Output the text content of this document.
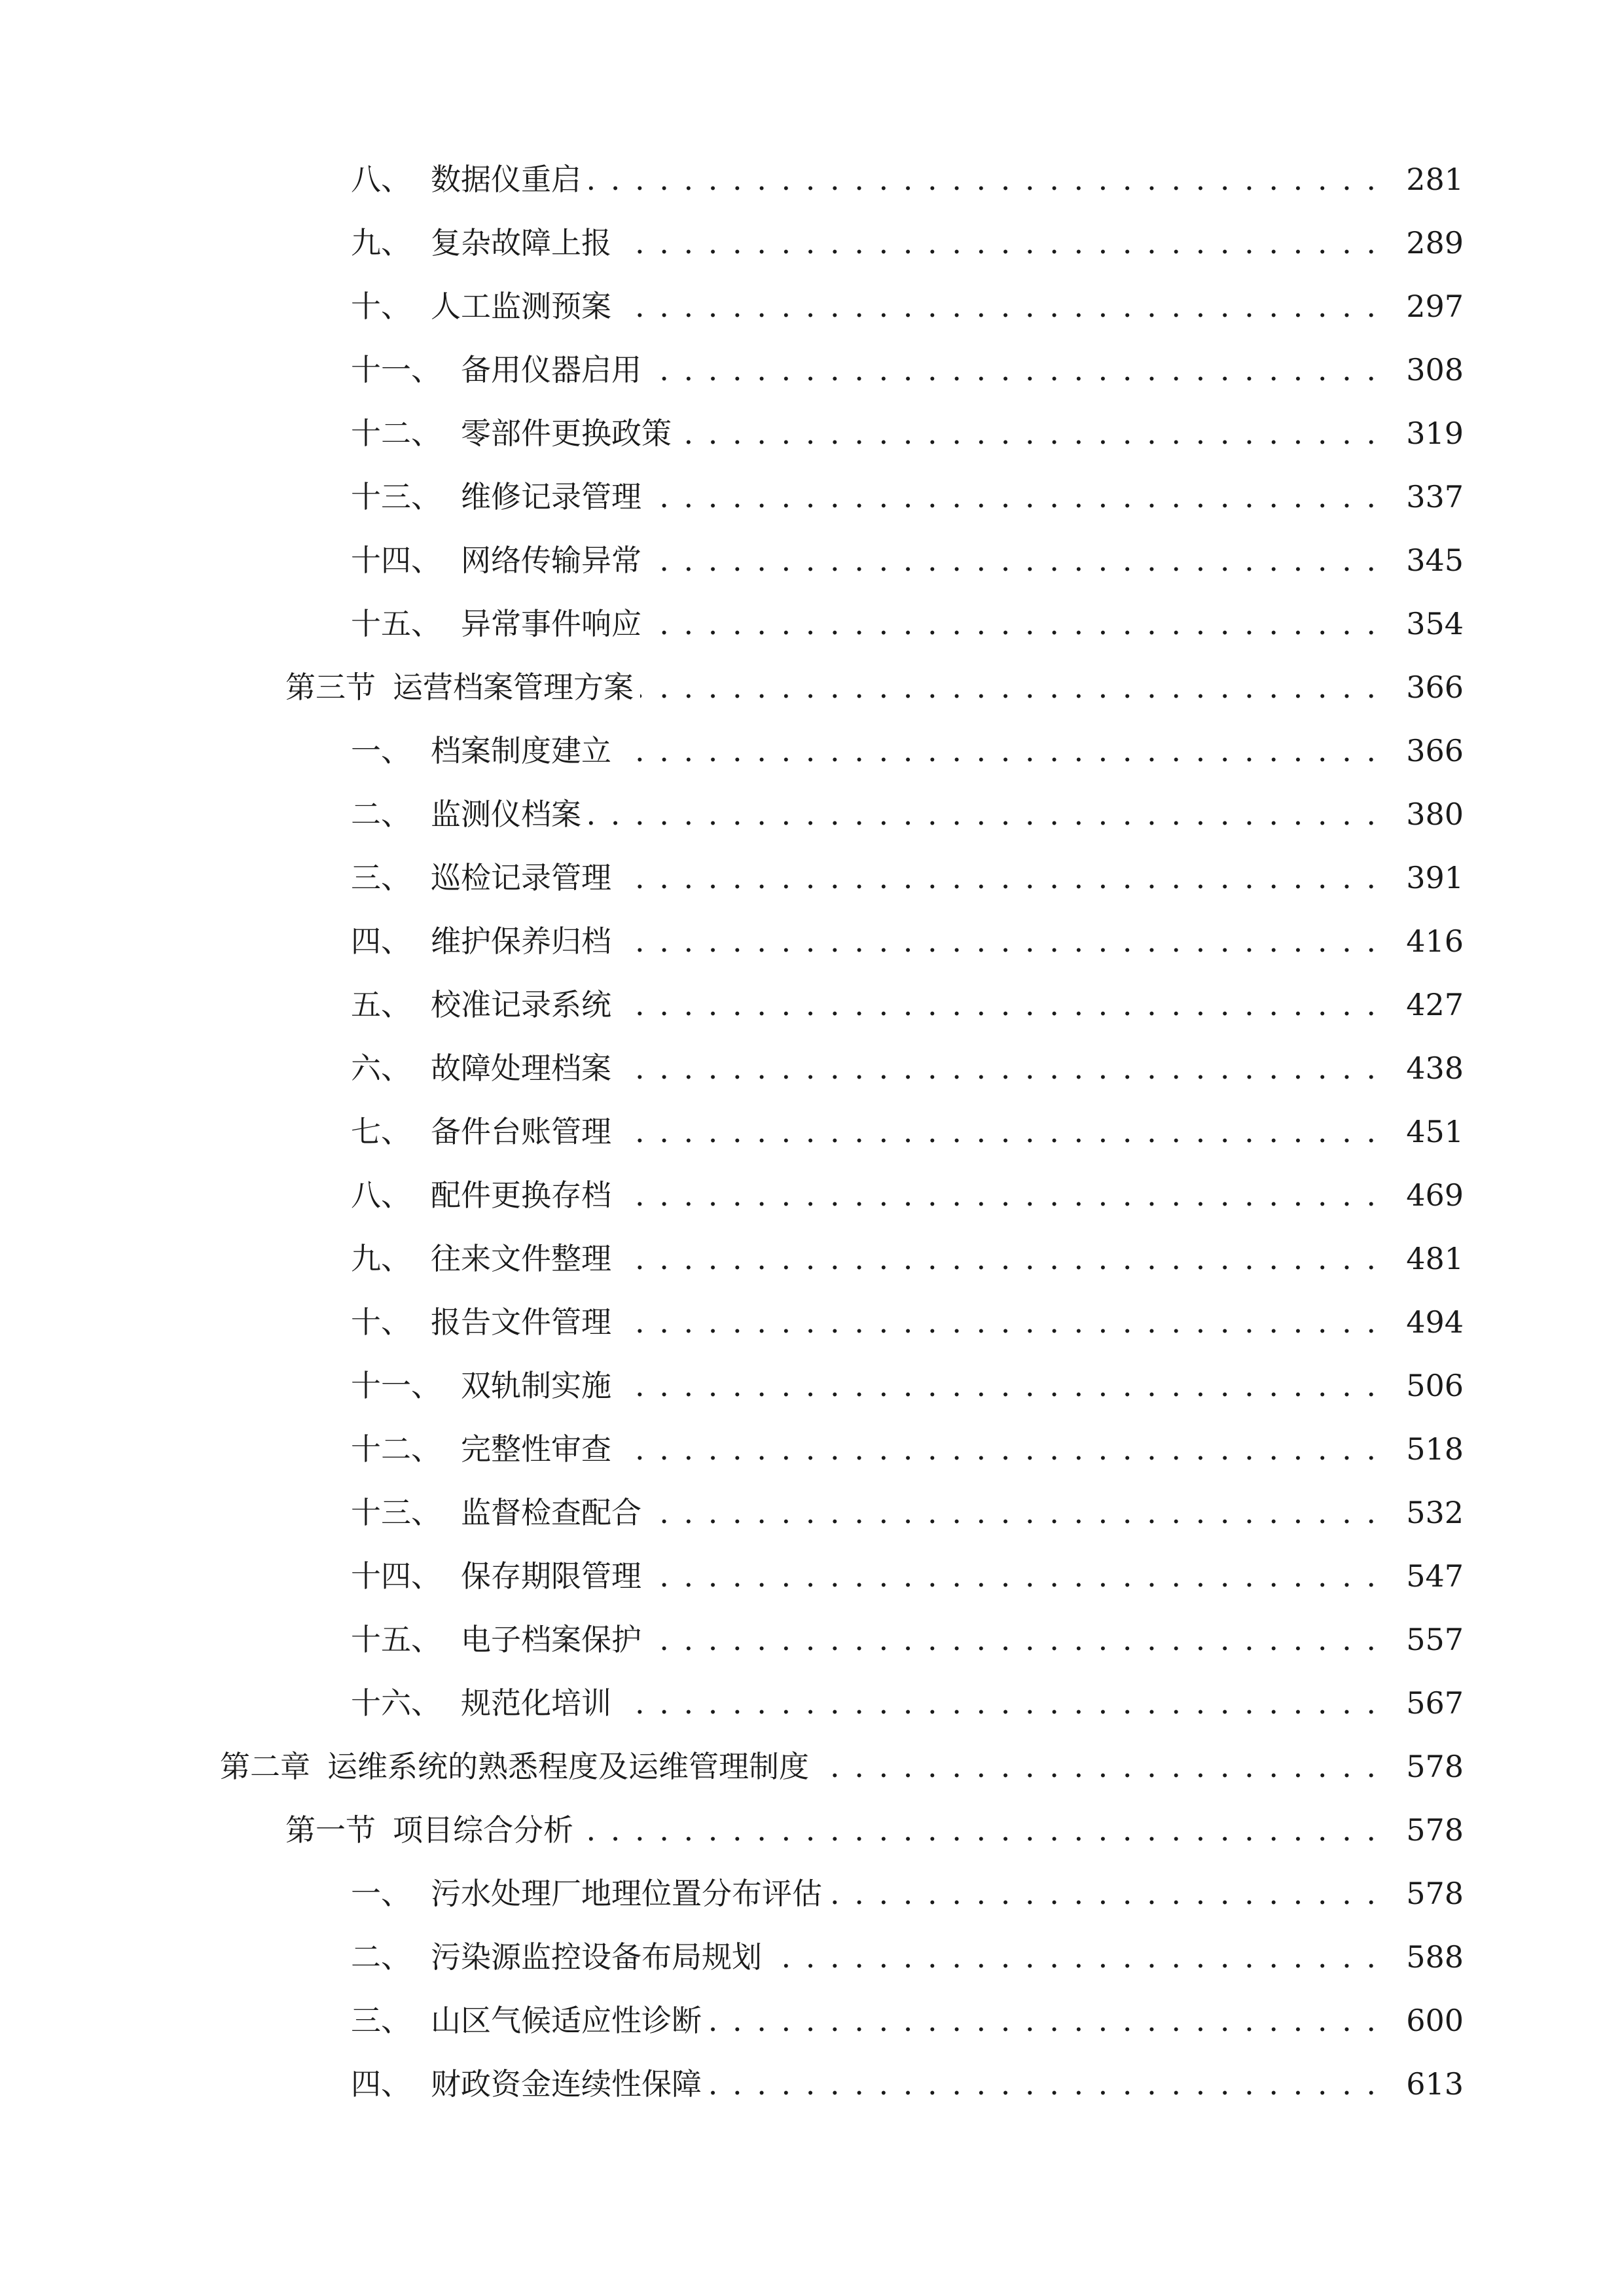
八、 数据仪重启 . . .	281
九、 复杂故障上报 . . .	289
十、 人工监测预案 . . .	297
十一、 备用仪器启用 . . .	308
十二、 零部件更换政策 . . .	319
十三、 维修记录管理 . . .	337
十四、 网络传输异常 . . .	345
十五、 异常事件响应 . . .	354
第三节 运营档案管理方案 . . .	366
一、 档案制度建立 . . .	366
二、 监测仪档案 . . .	380
三、 巡检记录管理 . . .	391
四、 维护保养归档 . . .	416
五、 校准记录系统 . . .	427
六、 故障处理档案 . . .	438
七、 备件台账管理 . . .	451
八、 配件更换存档 . . .	469
九、 往来文件整理 . . .	481
十、 报告文件管理 . . .	494
十一、 双轨制实施 . . .	506
十二、 完整性审查 . . .	518
十三、 监督检查配合 . . .	532
十四、 保存期限管理 . . .	547
十五、 电子档案保护 . . .	557
十六、 规范化培训 . . .	567
第二章 运维系统的熟悉程度及运维管理制度 . . .	578
第一节 项目综合分析 . . .	578
一、 污水处理厂地理位置分布评估 . . .	578
二、 污染源监控设备布局规划 . . .	588
三、 山区气候适应性诊断 . . .	600
四、 财政资金连续性保障 . . .	613
